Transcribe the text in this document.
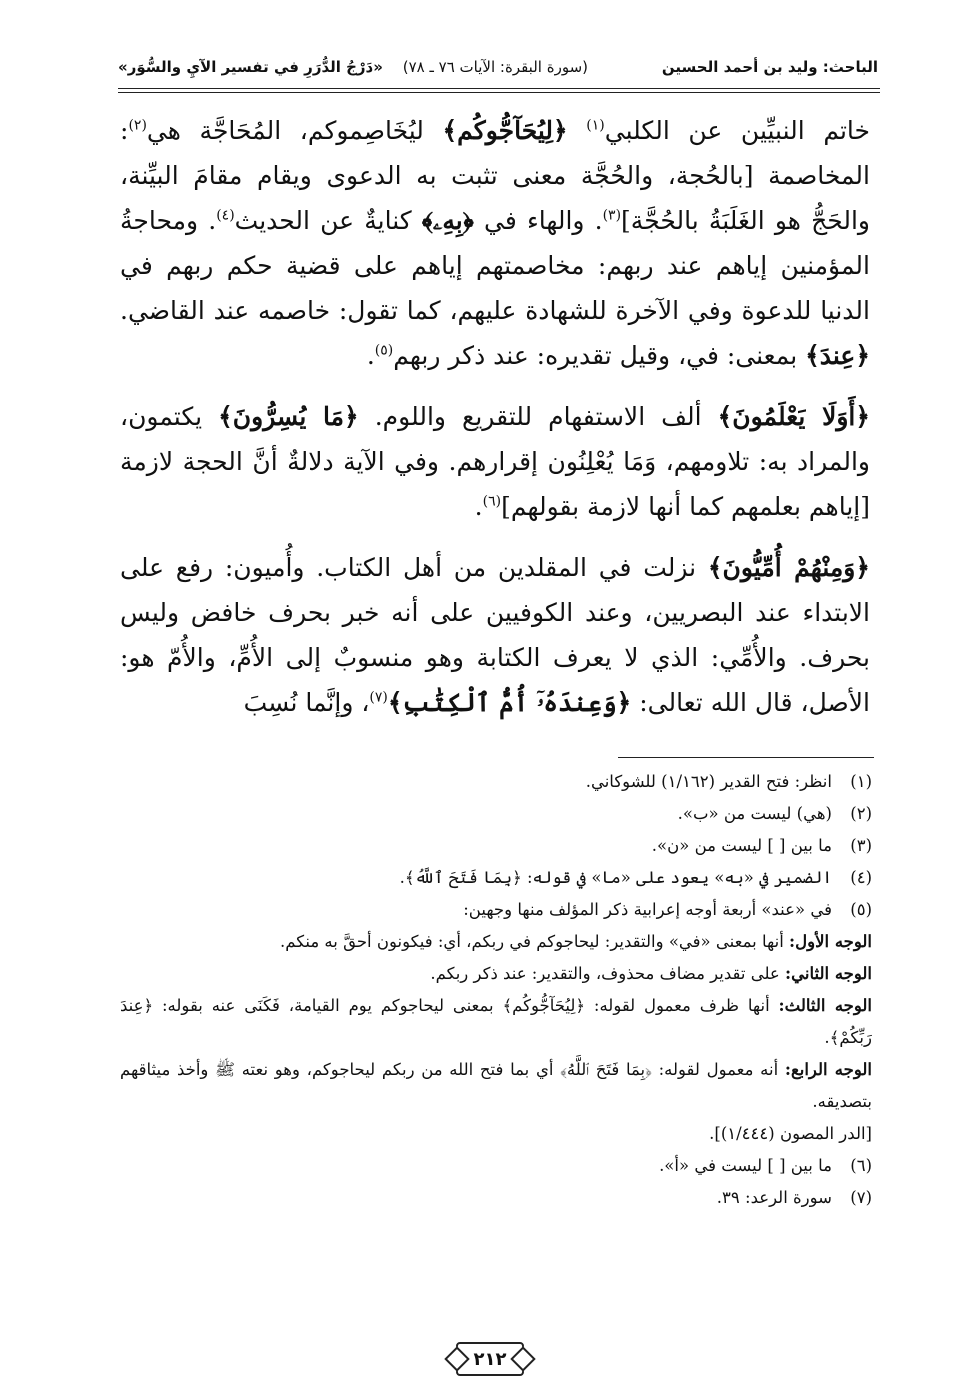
الباحث: وليد بن أحمد الحسين
(سورة البقرة: الآيات ٧٦ ـ ٧٨)
«دَرْجُ الدُّرَرِ في تفسير الآيِ والسُّوَر»

خاتم النبيِّين عن الكلبي$^{(١)}$ ﴿لِيُحَآجُّوكُم﴾ ليُخَاصِموكم، المُحَاجَّة هي$^{(٢)}$: المخاصمة [بالحُجة، والحُجَّة معنى تثبت به الدعوى ويقام مقامَ البيِّنة، والحَجُّ هو الغَلَبَةُ بالحُجَّة]$^{(٣)}$. والهاء في ﴿بِهِۦ﴾ كنايةٌ عن الحديث$^{(٤)}$. ومحاجةُ المؤمنين إياهم عند ربهم: مخاصمتهم إياهم على قضية حكم ربهم في الدنيا للدعوة وفي الآخرة للشهادة عليهم، كما تقول: خاصمه عند القاضي. ﴿عِندَ﴾ بمعنى: في، وقيل تقديره: عند ذكر ربهم$^{(٥)}$.

﴿أَوَلَا يَعْلَمُونَ﴾ ألف الاستفهام للتقريع واللوم. ﴿مَا يُسِرُّونَ﴾ يكتمون، والمراد به: تلاومهم، وَمَا يُعْلِنُون إقرارهم. وفي الآية دلالةٌ أنَّ الحجة لازمة [إياهم بعلمهم كما أنها لازمة بقولهم]$^{(٦)}$.

﴿وَمِنْهُمْ أُمِّيُّونَ﴾ نزلت في المقلدين من أهل الكتاب. وأُميون: رفع على الابتداء عند البصريين، وعند الكوفيين على أنه خبر بحرف خافض وليس بحرف. والأُمِّي: الذي لا يعرف الكتابة وهو منسوبٌ إلى الأُمِّ، والأُمّ هو: الأصل، قال الله تعالى: ﴿وَعِندَهُۥٓ أُمُّ ٱلْكِتَٰبِ﴾$^{(٧)}$، وإنَّما نُسِبَ

(١)
انظر: فتح القدير (١/١٦٢) للشوكاني.
(٢)
(هي) ليست من «ب».
(٣)
ما بين [ ] ليست من «ن».
(٤)
الضمير في «به» يعود على «ما» في قوله: ﴿بِمَا فَتَحَ ٱللَّهُ﴾.
(٥)
في «عند» أربعة أوجه إعرابية ذكر المؤلف منها وجهين:
الوجه الأول: أنها بمعنى «في» والتقدير: ليحاجوكم في ربكم، أي: فيكونون أحقَّ به منكم.
الوجه الثاني: على تقدير مضاف محذوف، والتقدير: عند ذكر ربكم.
الوجه الثالث: أنها ظرف معمول لقوله: ﴿لِيُحَآجُّوكُم﴾ بمعنى ليحاجوكم يوم القيامة، فَكَنَى عنه بقوله: ﴿عِندَ رَبِّكُمْ﴾.
الوجه الرابع: أنه معمول لقوله: ﴿بِمَا فَتَحَ ٱللَّهُ﴾ أي بما فتح الله من ربكم ليحاجوكم، وهو نعته ﷺ وأخذ ميثاقهم بتصديقه.
[الدر المصون (١/٤٤٤)].
(٦)
ما بين [ ] ليست في «أ».
(٧)
سورة الرعد: ٣٩.
٢١٢
